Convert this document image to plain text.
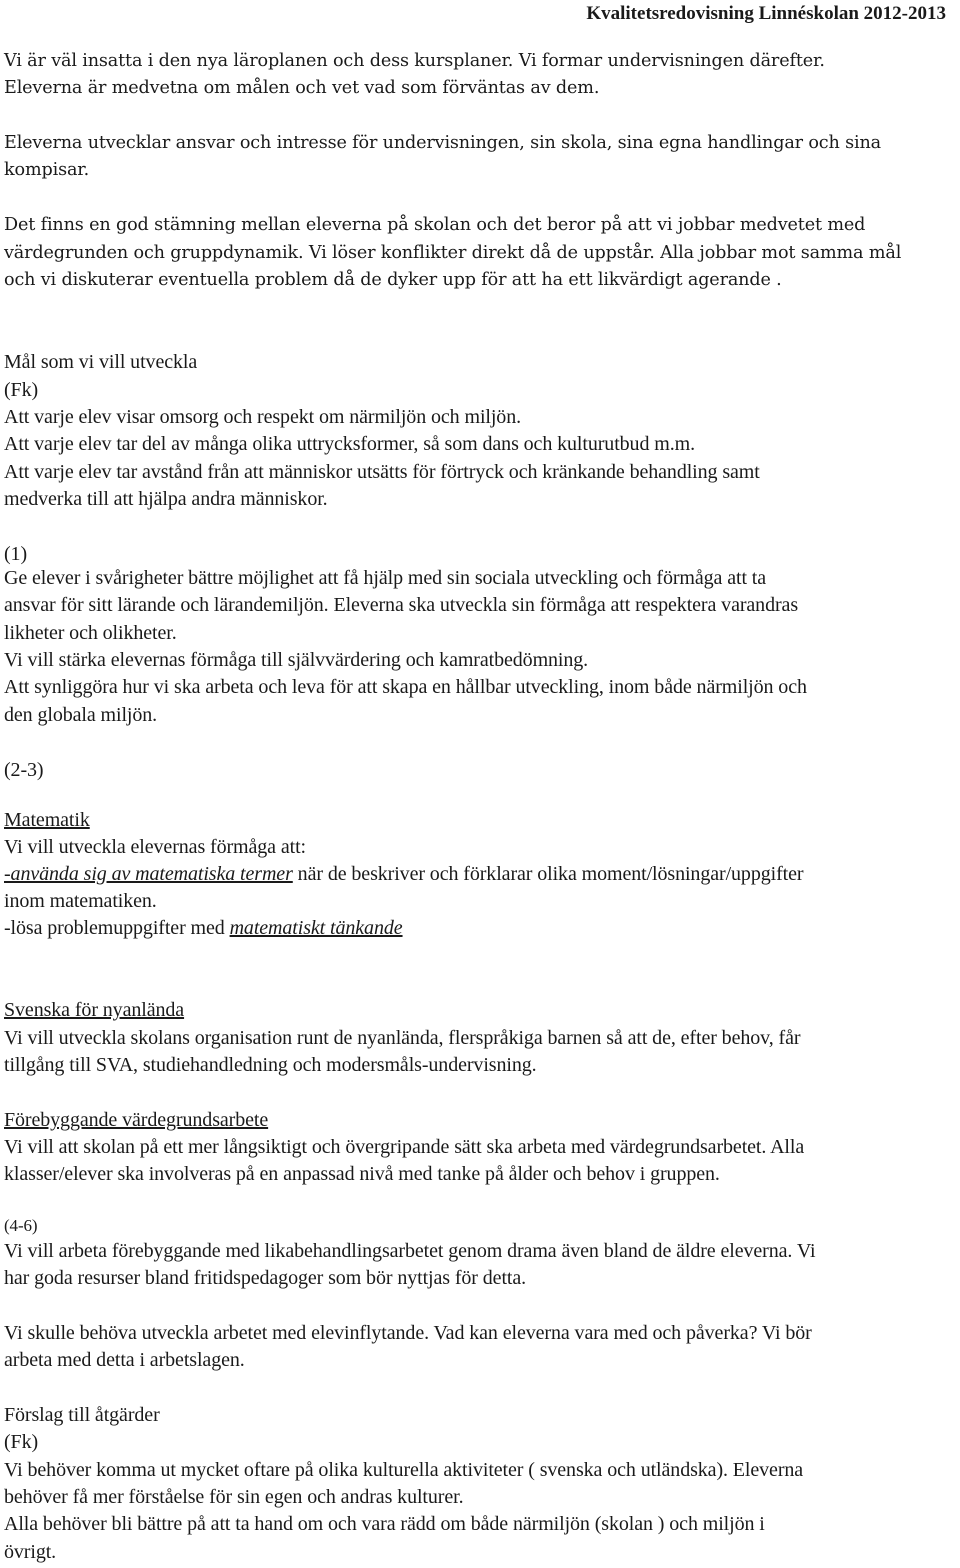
Kvalitetsredovisning Linnéskolan 2012-2013
Vi är väl insatta i den nya läroplanen och dess kursplaner. Vi formar undervisningen därefter.
Eleverna är medvetna om målen och vet vad som förväntas av dem.
Eleverna utvecklar ansvar och intresse för undervisningen, sin skola, sina egna handlingar och sina
kompisar.
Det finns en god stämning mellan eleverna på skolan och det beror på att vi jobbar medvetet med
värdegrunden och gruppdynamik. Vi löser konflikter direkt då de uppstår. Alla jobbar mot samma mål
och vi diskuterar eventuella problem då de dyker upp för att ha ett likvärdigt agerande .
Mål som vi vill utveckla
(Fk)
Att varje elev visar omsorg och respekt om närmiljön och miljön.
Att varje elev tar del av många olika uttrycksformer, så som dans och kulturutbud m.m.
Att varje elev tar avstånd från att människor utsätts för förtryck och kränkande behandling samt
medverka till att hjälpa andra människor.
(1)
Ge elever i svårigheter bättre möjlighet att få hjälp med sin sociala utveckling och förmåga att ta
ansvar för sitt lärande och lärandemiljön. Eleverna ska utveckla sin förmåga att respektera varandras
likheter och olikheter.
Vi vill stärka elevernas förmåga till självvärdering och kamratbedömning.
Att synliggöra hur vi ska arbeta och leva för att skapa en hållbar utveckling, inom både närmiljön och
den globala miljön.
(2-3)
Matematik
Vi vill utveckla elevernas förmåga att:
-använda sig av matematiska termer när de beskriver och förklarar olika moment/lösningar/uppgifter
inom matematiken.
-lösa problemuppgifter med matematiskt tänkande
Svenska för nyanlända
Vi vill utveckla skolans organisation runt de nyanlända, flerspråkiga barnen så att de, efter behov, får
tillgång till SVA, studiehandledning och modersmåls-undervisning.
Förebyggande värdegrundsarbete
Vi vill att skolan på ett mer långsiktigt och övergripande sätt ska arbeta med värdegrundsarbetet. Alla
klasser/elever ska involveras på en anpassad nivå med tanke på ålder och behov i gruppen.
(4-6)
Vi vill arbeta förebyggande med likabehandlingsarbetet genom drama även bland de äldre eleverna. Vi
har goda resurser bland fritidspedagoger som bör nyttjas för detta.
Vi skulle behöva utveckla arbetet med elevinflytande. Vad kan eleverna vara med och påverka? Vi bör
arbeta med detta i arbetslagen.
Förslag till åtgärder
(Fk)
Vi behöver komma ut mycket oftare på olika kulturella aktiviteter ( svenska och utländska). Eleverna
behöver få mer förståelse för sin egen och andras kulturer.
Alla behöver bli bättre på att ta hand om och vara rädd om både närmiljön (skolan ) och miljön i
övrigt.
